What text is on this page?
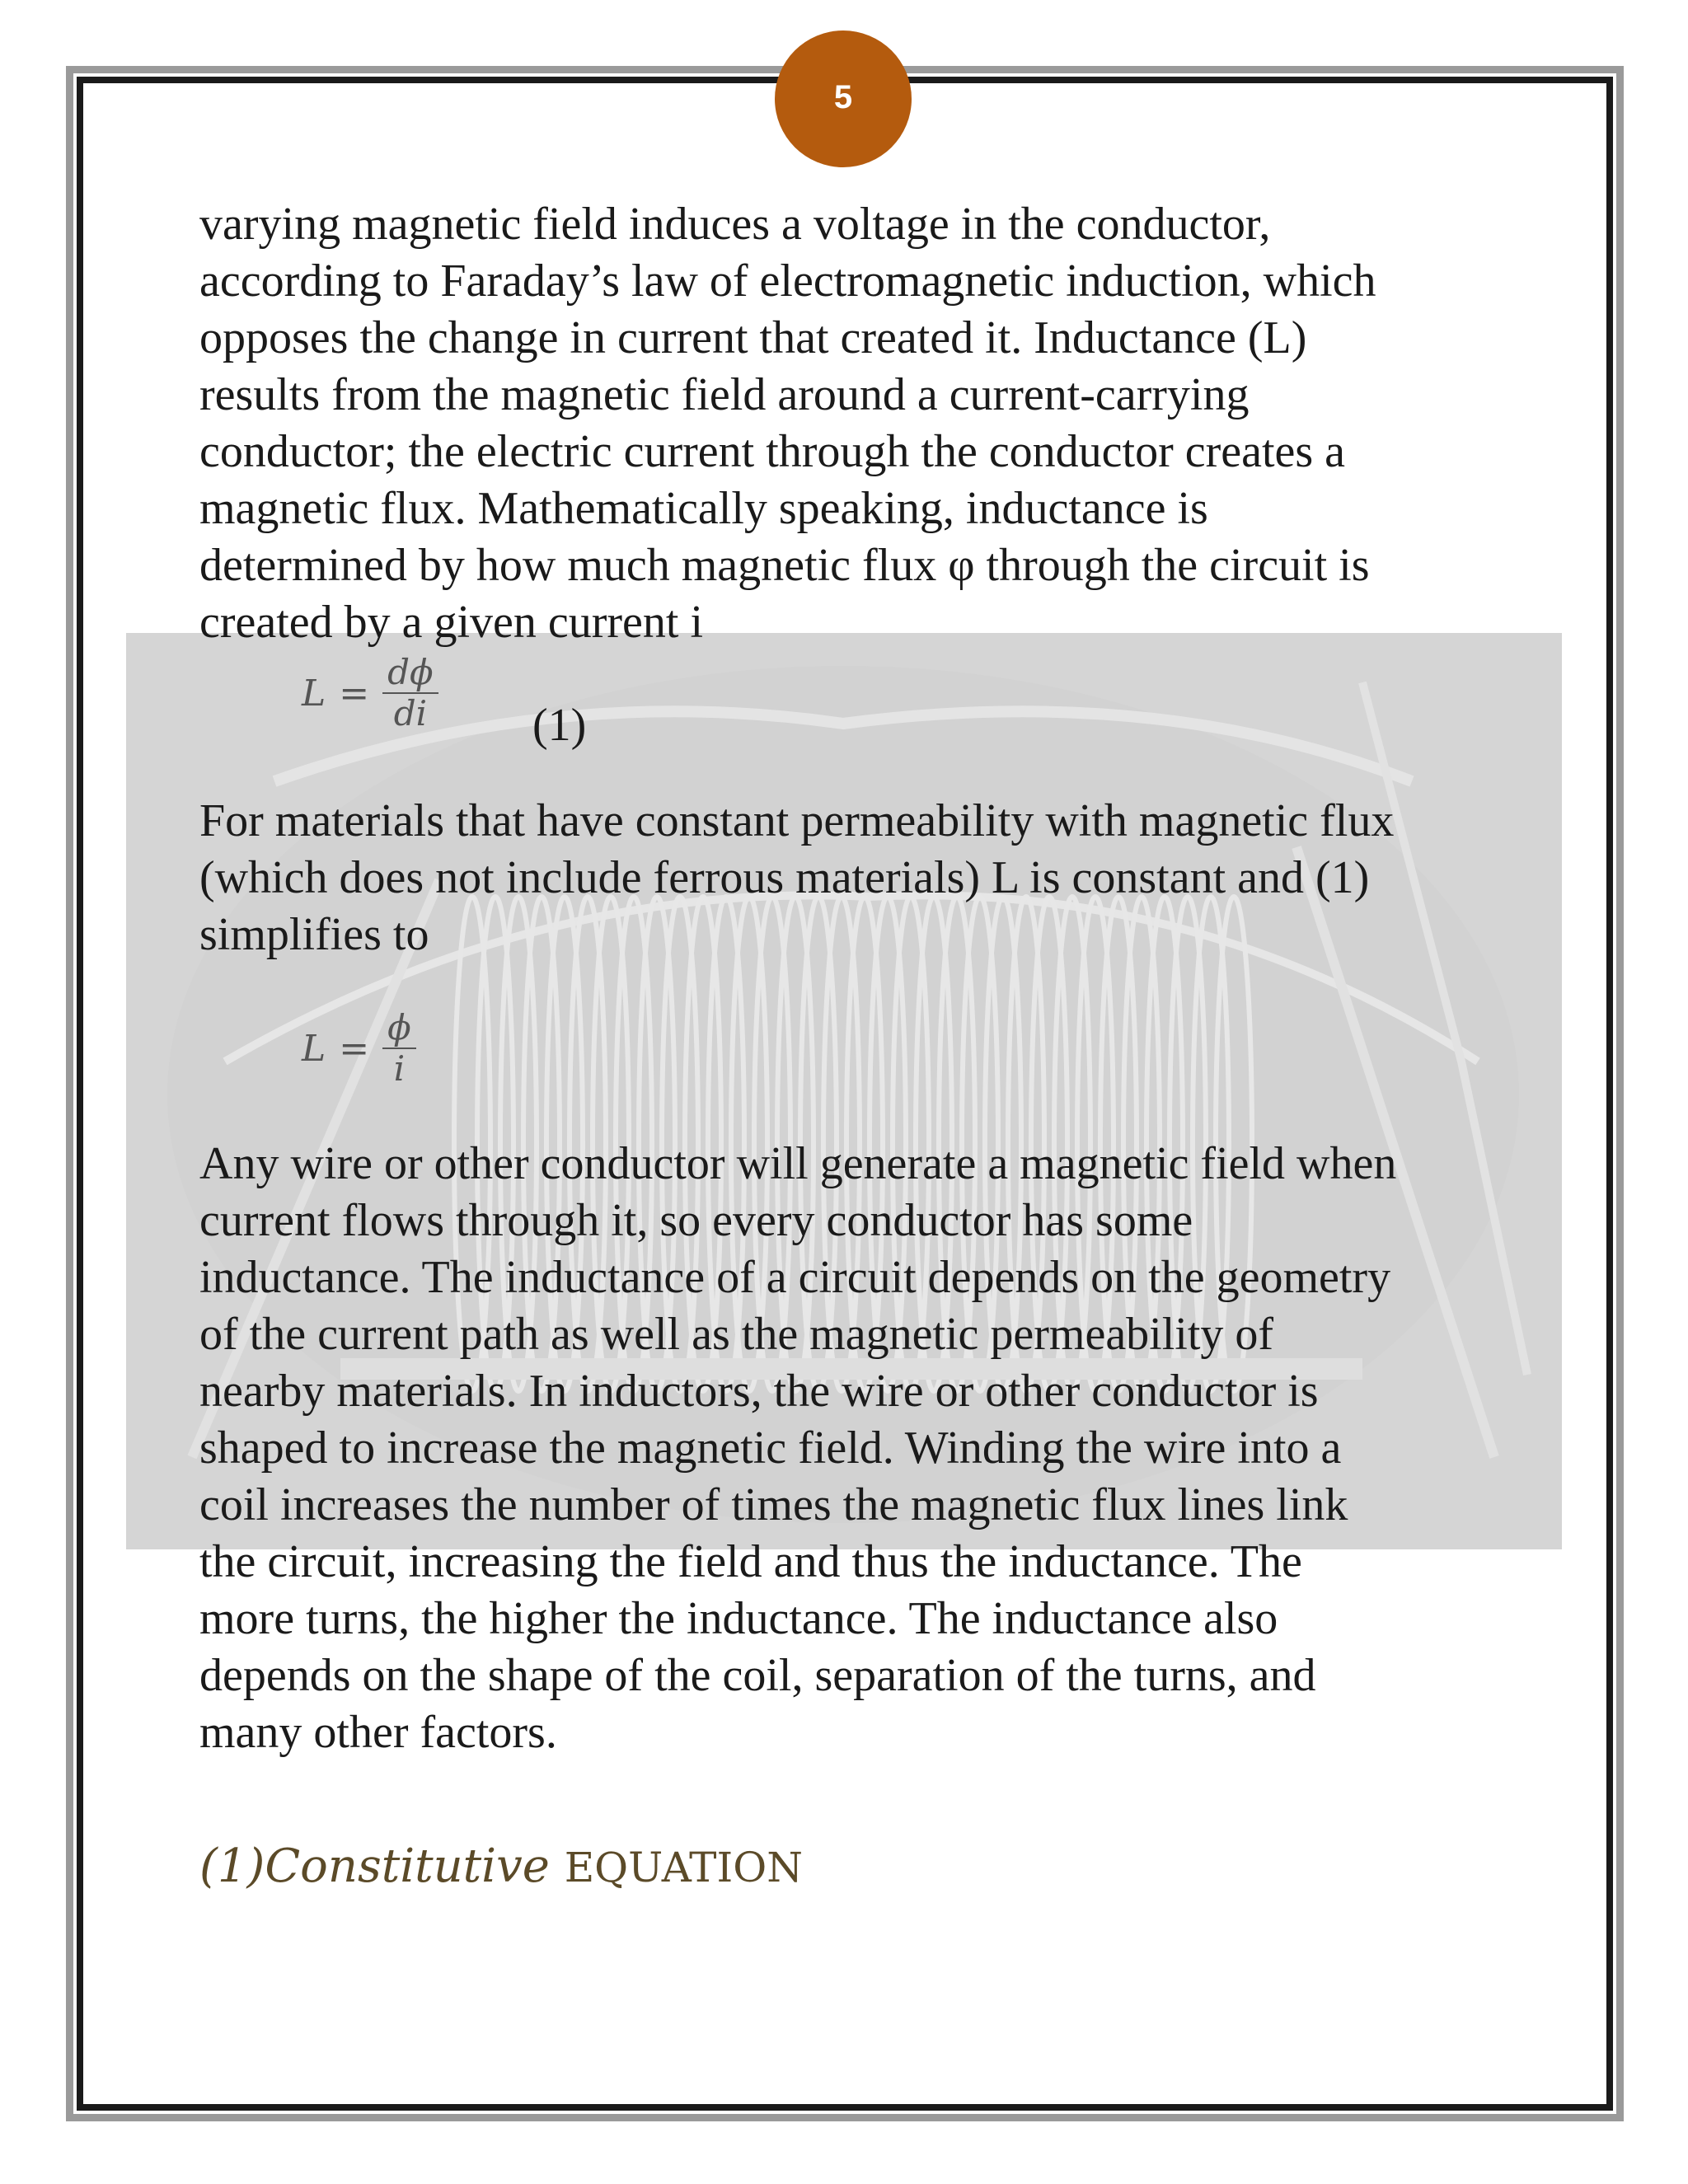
5
varying magnetic field induces a voltage in the conductor,
according to Faraday’s law of electromagnetic induction, which
opposes the change in current that created it. Inductance (L)
results from the magnetic field around a current-carrying
conductor; the electric current through the conductor creates a
magnetic flux. Mathematically speaking, inductance is
determined by how much magnetic flux φ through the circuit is
created by a given current i
$L = \frac{d\phi}{di} (1)$
For materials that have constant permeability with magnetic flux
(which does not include ferrous materials) L is constant and (1)
simplifies to
$L = \frac{\phi}{i}$
Any wire or other conductor will generate a magnetic field when
current flows through it, so every conductor has some
inductance. The inductance of a circuit depends on the geometry
of the current path as well as the magnetic permeability of
nearby materials. In inductors, the wire or other conductor is
shaped to increase the magnetic field. Winding the wire into a
coil increases the number of times the magnetic flux lines link
the circuit, increasing the field and thus the inductance. The
more turns, the higher the inductance. The inductance also
depends on the shape of the coil, separation of the turns, and
many other factors.
(1)Constitutive EQUATION
